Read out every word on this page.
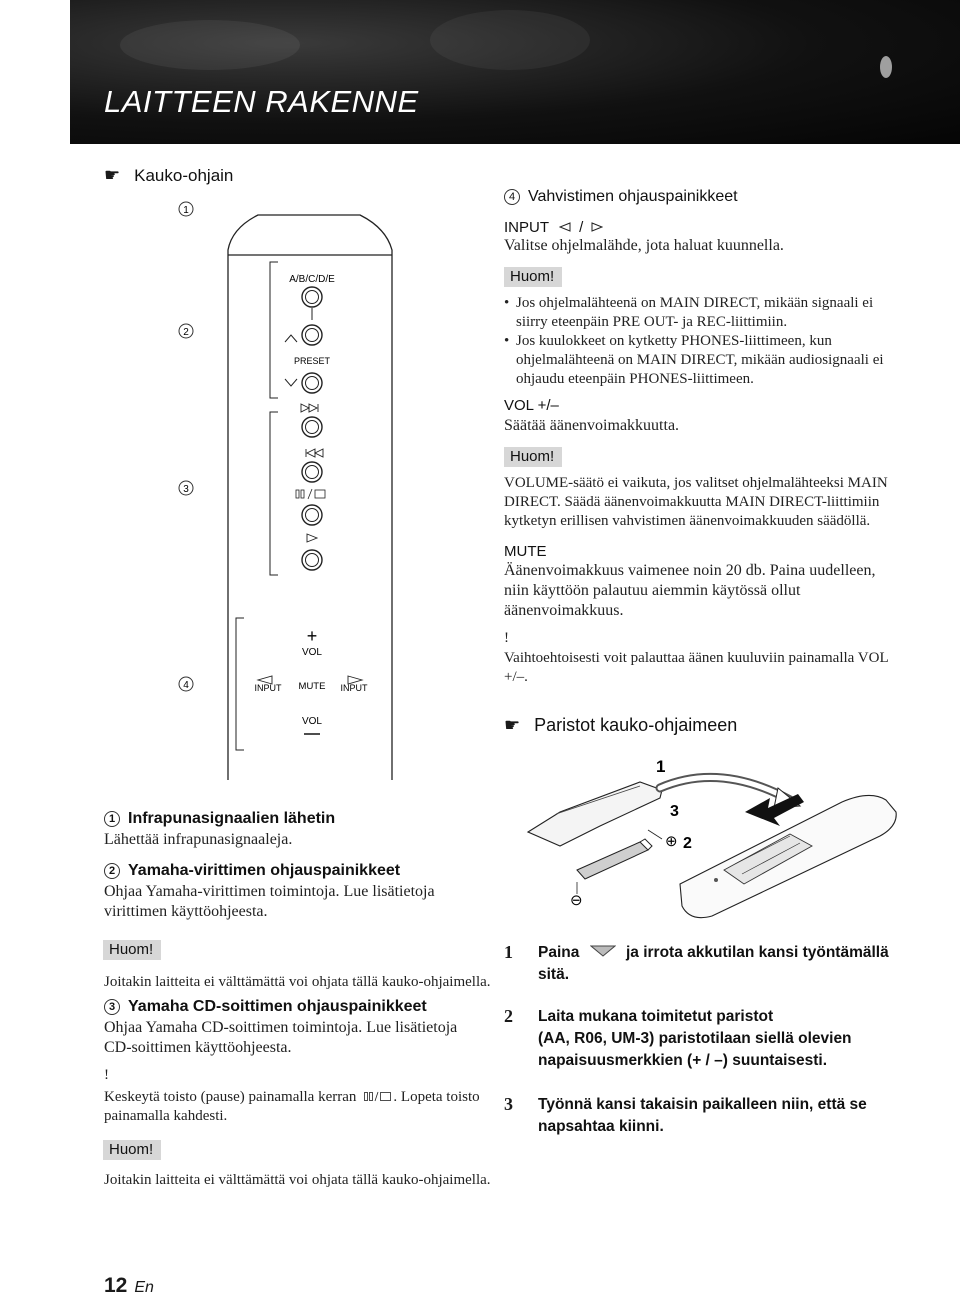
LAITTEEN RAKENNE
☛ Kauko-ohjain
1
2
3
4
A/B/C/D/E
PRESET
+
VOL
INPUT MUTE INPUT
VOL
1 Infrapunasignaalien lähetin
Lähettää infrapunasignaaleja.
2 Yamaha-virittimen ohjauspainikkeet
Ohjaa Yamaha-virittimen toimintoja. Lue lisätietoja
virittimen käyttöohjeesta.
Huom!
Joitakin laitteita ei välttämättä voi ohjata tällä kauko-ohjaimella.
3 Yamaha CD-soittimen ohjauspainikkeet
Ohjaa Yamaha CD-soittimen toimintoja. Lue lisätietoja
CD-soittimen käyttöohjeesta.
!
Keskeytä toisto (pause) painamalla kerran . Lopeta toisto
painamalla kahdesti.
Huom!
Joitakin laitteita ei välttämättä voi ohjata tällä kauko-ohjaimella.
4 Vahvistimen ohjauspainikkeet
INPUT /
Valitse ohjelmalähde, jota haluat kuunnella.
Huom!
• Jos ohjelmalähteenä on MAIN DIRECT, mikään signaali ei
siirry eteenpäin PRE OUT- ja REC-liittimiin.
• Jos kuulokkeet on kytketty PHONES-liittimeen, kun
ohjelmalähteenä on MAIN DIRECT, mikään audiosignaali ei
ohjaudu eteenpäin PHONES-liittimeen.
VOL +/–
Säätää äänenvoimakkuutta.
Huom!
VOLUME-säätö ei vaikuta, jos valitset ohjelmalähteeksi MAIN
DIRECT. Säädä äänenvoimakkuutta MAIN DIRECT-liittimiin
kytketyn erillisen vahvistimen äänenvoimakkuuden säädöllä.
MUTE
Äänenvoimakkuus vaimenee noin 20 db. Paina uudelleen,
niin käyttöön palautuu aiemmin käytössä ollut
äänenvoimakkuus.
!
Vaihtoehtoisesti voit palauttaa äänen kuuluviin painamalla VOL
+/–.
☛ Paristot kauko-ohjaimeen
1
3
⊕ 2
⊖
1 Paina	ja irrota akkutilan kansi työntämällä
sitä.
2 Laita mukana toimitetut paristot
(AA, R06, UM-3) paristotilaan siellä olevien
napaisuusmerkkien (+ / –) suuntaisesti.
3 Työnnä kansi takaisin paikalleen niin, että se
napsahtaa kiinni.
12 En
